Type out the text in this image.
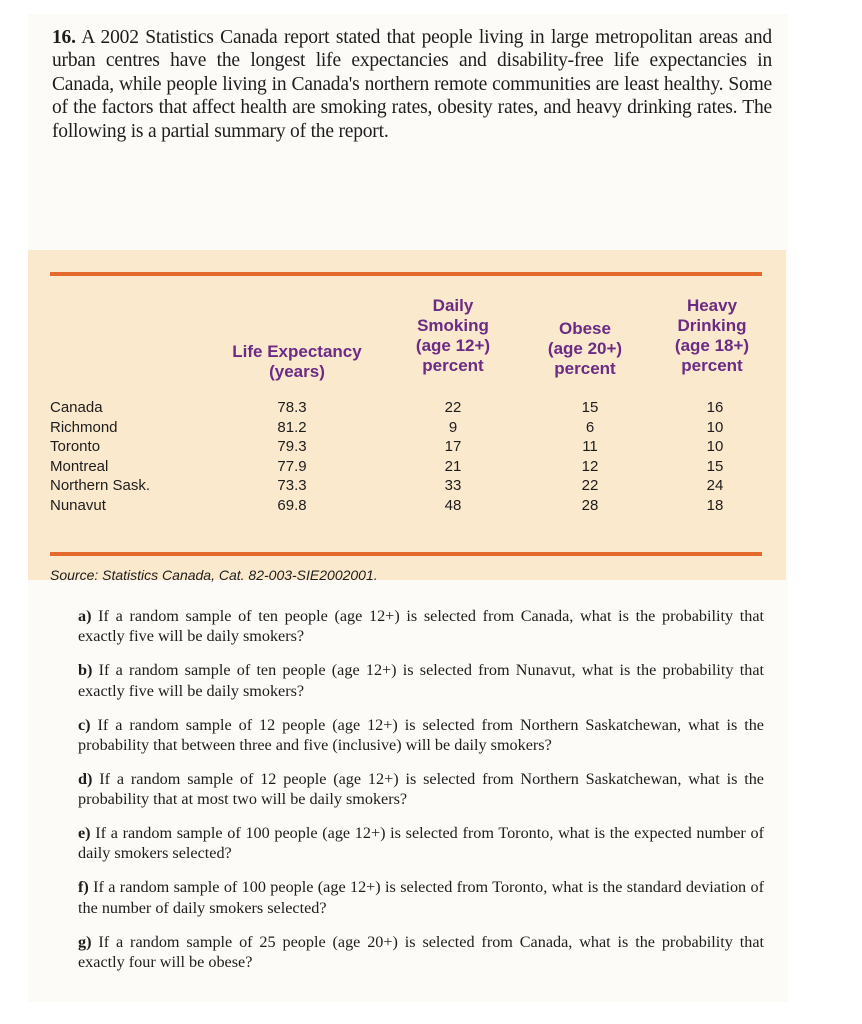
16. A 2002 Statistics Canada report stated that people living in large metropolitan areas and urban centres have the longest life expectancies and disability-free life expectancies in Canada, while people living in Canada's northern remote communities are least healthy. Some of the factors that affect health are smoking rates, obesity rates, and heavy drinking rates. The following is a partial summary of the report.

Life Expectancy
(years)
Daily
Smoking
(age 12+)
percent
Obese
(age 20+)
percent
Heavy
Drinking
(age 18+)
percent
Canada
Richmond
Toronto
Montreal
Northern Sask.
Nunavut
78.3
81.2
79.3
77.9
73.3
69.8
22
9
17
21
33
48
15
6
11
12
22
28
16
10
10
15
24
18
Source: Statistics Canada, Cat. 82-003-SIE2002001.
a) If a random sample of ten people (age 12+) is selected from Canada, what is the probability that exactly five will be daily smokers?
b) If a random sample of ten people (age 12+) is selected from Nunavut, what is the probability that exactly five will be daily smokers?
c) If a random sample of 12 people (age 12+) is selected from Northern Saskatchewan, what is the probability that between three and five (inclusive) will be daily smokers?
d) If a random sample of 12 people (age 12+) is selected from Northern Saskatchewan, what is the probability that at most two will be daily smokers?
e) If a random sample of 100 people (age 12+) is selected from Toronto, what is the expected number of daily smokers selected?
f) If a random sample of 100 people (age 12+) is selected from Toronto, what is the standard deviation of the number of daily smokers selected?
g) If a random sample of 25 people (age 20+) is selected from Canada, what is the probability that exactly four will be obese?
